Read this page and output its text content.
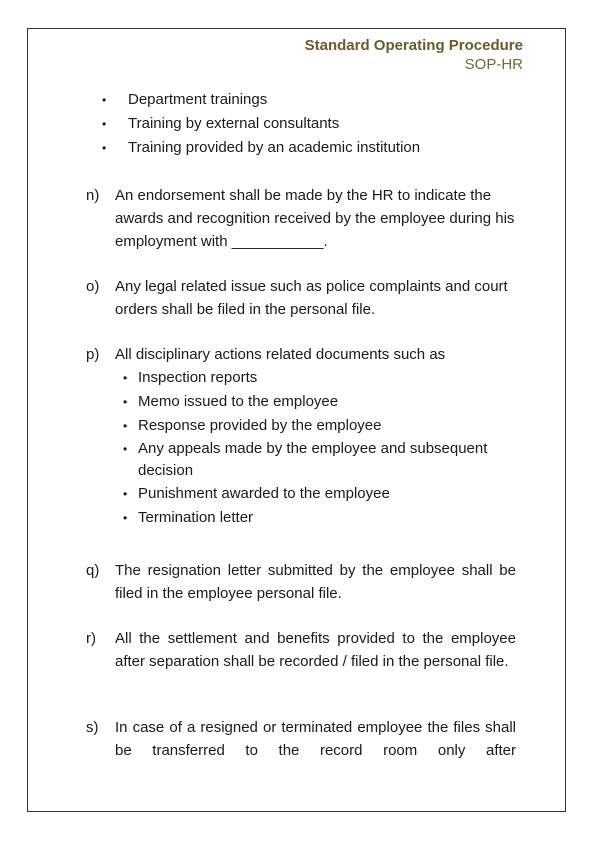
Standard Operating Procedure
SOP-HR
• Department trainings
• Training by external consultants
• Training provided by an academic institution
n) An endorsement shall be made by the HR to indicate the awards and recognition received by the employee during his employment with ___________.
o) Any legal related issue such as police complaints and court orders shall be filed in the personal file.
p) All disciplinary actions related documents such as
• Inspection reports
• Memo issued to the employee
• Response provided by the employee
• Any appeals made by the employee and subsequent decision
• Punishment awarded to the employee
• Termination letter
q) The resignation letter submitted by the employee shall be filed in the employee personal file.
r) All the settlement and benefits provided to the employee after separation shall be recorded / filed in the personal file.
s) In case of a resigned or terminated employee the files shall be transferred to the record room only after
